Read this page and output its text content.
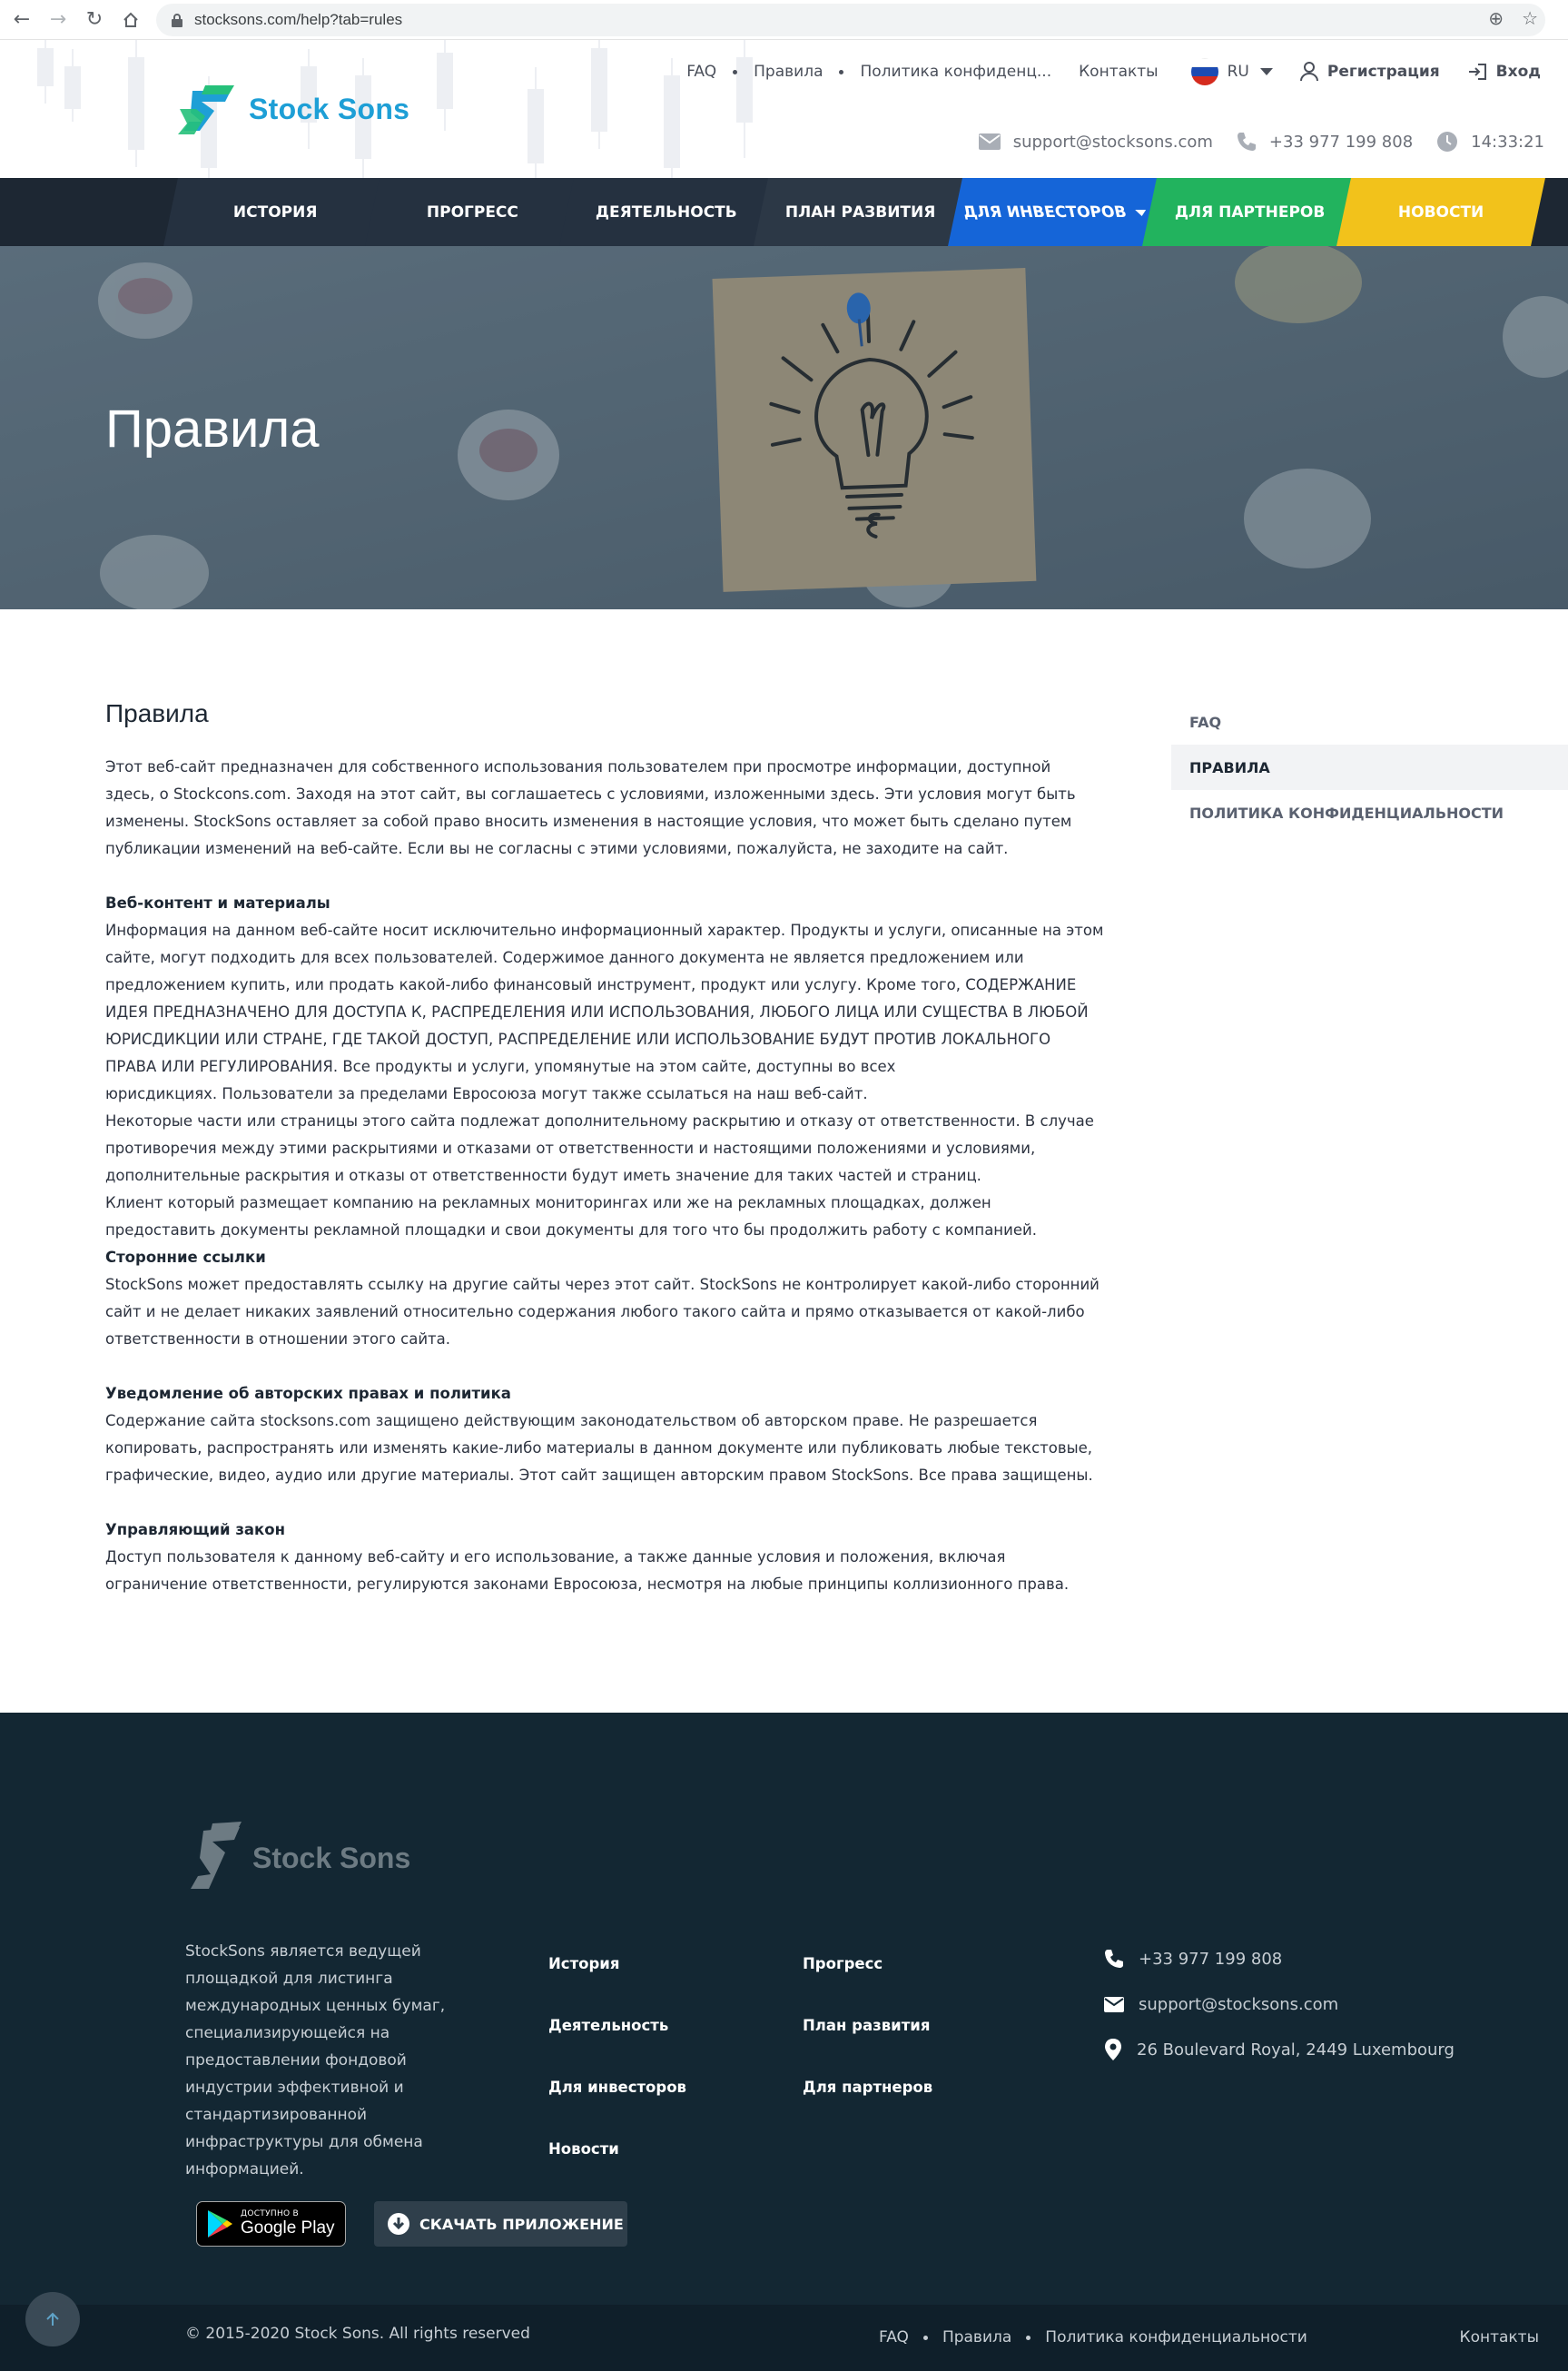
← → ↻	stocksons.com/help?tab=rules	⊕ ☆
Stock Sons
FAQ Правила Политика конфиденц... Контакты	RU	Регистрация	Вход
support@stocksons.com	+33 977 199 808	14:33:21
ИСТОРИЯ	ПРОГРЕСС	ДЕЯТЕЛЬНОСТЬ	ПЛАН РАЗВИТИЯ ДЛЯ ИНВЕСТОРОВ	ДЛЯ ПАРТНЕРОВ	НОВОСТИ
Правила
Правила

Этот веб-сайт предназначен для собственного использования пользователем при просмотре информации, доступной

здесь, о Stockcons.com. Заходя на этот сайт, вы соглашаетесь с условиями, изложенными здесь. Эти условия могут быть

изменены. StockSons оставляет за собой право вносить изменения в настоящие условия, что может быть сделано путем

публикации изменений на веб-сайте. Если вы не согласны с этими условиями, пожалуйста, не заходите на сайт.

Веб-контент и материалы

Информация на данном веб-сайте носит исключительно информационный характер. Продукты и услуги, описанные на этом

сайте, могут подходить для всех пользователей. Содержимое данного документа не является предложением или

предложением купить, или продать какой-либо финансовый инструмент, продукт или услугу. Кроме того, СОДЕРЖАНИЕ

ИДЕЯ ПРЕДНАЗНАЧЕНО ДЛЯ ДОСТУПА К, РАСПРЕДЕЛЕНИЯ ИЛИ ИСПОЛЬЗОВАНИЯ, ЛЮБОГО ЛИЦА ИЛИ СУЩЕСТВА В ЛЮБОЙ

ЮРИСДИКЦИИ ИЛИ СТРАНЕ, ГДЕ ТАКОЙ ДОСТУП, РАСПРЕДЕЛЕНИЕ ИЛИ ИСПОЛЬЗОВАНИЕ БУДУТ ПРОТИВ ЛОКАЛЬНОГО

ПРАВА ИЛИ РЕГУЛИРОВАНИЯ. Все продукты и услуги, упомянутые на этом сайте, доступны во всех

юрисдикциях. Пользователи за пределами Евросоюза могут также ссылаться на наш веб-сайт.

Некоторые части или страницы этого сайта подлежат дополнительному раскрытию и отказу от ответственности. В случае

противоречия между этими раскрытиями и отказами от ответственности и настоящими положениями и условиями,

дополнительные раскрытия и отказы от ответственности будут иметь значение для таких частей и страниц.

Клиент который размещает компанию на рекламных мониторингах или же на рекламных площадках, должен

предоставить документы рекламной площадки и свои документы для того что бы продолжить работу с компанией.

Сторонние ссылки

StockSons может предоставлять ссылку на другие сайты через этот сайт. StockSons не контролирует какой-либо сторонний

сайт и не делает никаких заявлений относительно содержания любого такого сайта и прямо отказывается от какой-либо

ответственности в отношении этого сайта.

Уведомление об авторских правах и политика

Содержание сайта stocksons.com защищено действующим законодательством об авторском праве. Не разрешается

копировать, распространять или изменять какие-либо материалы в данном документе или публиковать любые текстовые,

графические, видео, аудио или другие материалы. Этот сайт защищен авторским правом StockSons. Все права защищены.

Управляющий закон

Доступ пользователя к данному веб-сайту и его использование, а также данные условия и положения, включая

ограничение ответственности, регулируются законами Евросоюза, несмотря на любые принципы коллизионного права.

FAQ
ПРАВИЛА
ПОЛИТИКА КОНФИДЕНЦИАЛЬНОСТИ
Stock Sons
StockSons является ведущей площадкой для листинга международных ценных бумаг, специализирующейся на предоставлении фондовой индустрии эффективной и стандартизированной инфраструктуры для обмена информацией.
История	Прогресс
Деятельность	План развития
Для инвесторов	Для партнеров
Новости
+33 977 199 808
support@stocksons.com
26 Boulevard Royal, 2449 Luxembourg
ДОСТУПНО В
Google Play	СКАЧАТЬ ПРИЛОЖЕНИЕ
© 2015-2020 Stock Sons. All rights reserved	FAQ Правила Политика конфиденциальности	Контакты
